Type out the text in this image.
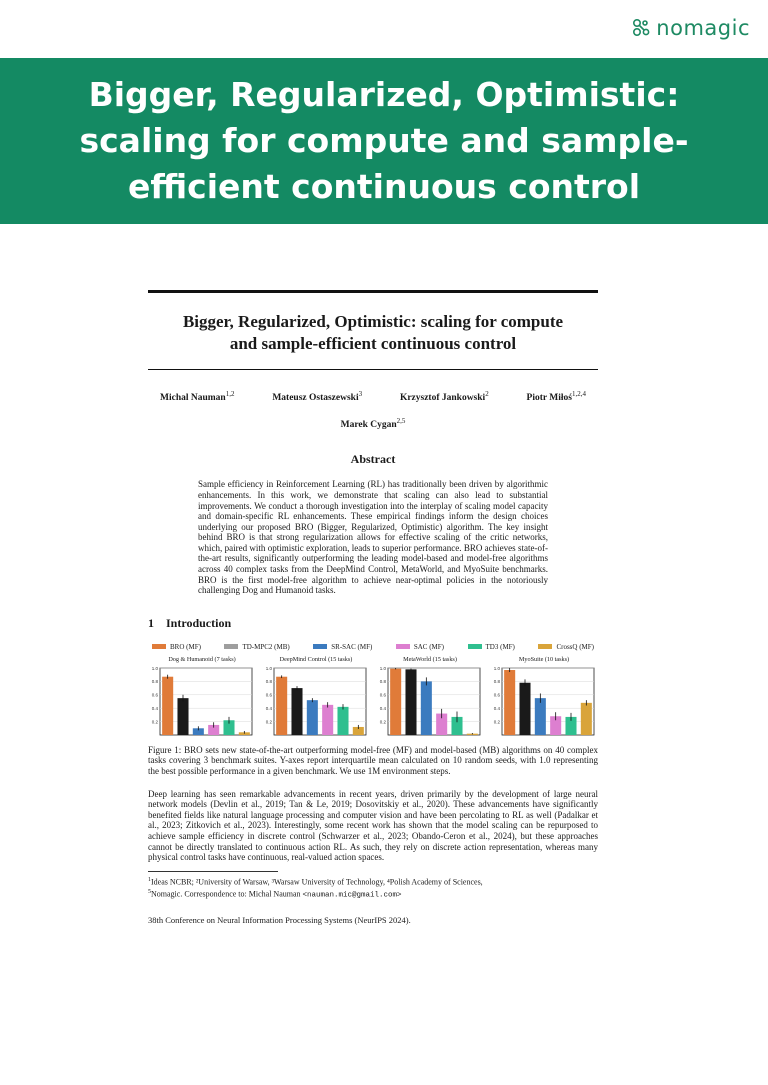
nomagic
Bigger, Regularized, Optimistic: scaling for compute and sample-efficient continuous control
Bigger, Regularized, Optimistic: scaling for compute
and sample-efficient continuous control
Michal Nauman$^{1,2}$	Mateusz Ostaszewski$^3$	Krzysztof Jankowski$^2$	Piotr Miłoś$^{1,2,4}$
Marek Cygan$^{2,5}$
Abstract
Sample efficiency in Reinforcement Learning (RL) has traditionally been driven by algorithmic enhancements. In this work, we demonstrate that scaling can also lead to substantial improvements. We conduct a thorough investigation into the interplay of scaling model capacity and domain-specific RL enhancements. These empirical findings inform the design choices underlying our proposed BRO (Bigger, Regularized, Optimistic) algorithm. The key insight behind BRO is that strong regularization allows for effective scaling of the critic networks, which, paired with optimistic exploration, leads to superior performance. BRO achieves state-of-the-art results, significantly outperforming the leading model-based and model-free algorithms across 40 complex tasks from the DeepMind Control, MetaWorld, and MyoSuite benchmarks. BRO is the first model-free algorithm to achieve near-optimal policies in the notoriously challenging Dog and Humanoid tasks.
1 Introduction
BRO (MF)	TD-MPC2 (MB)	SR-SAC (MF)	SAC (MF)	TD3 (MF)	CrossQ (MF)
Dog & Humanoid (7 tasks)
1.0
0.8
0.6
0.4
0.2
DeepMind Control (15 tasks)
1.0
0.8
0.6
0.4
0.2
MetaWorld (15 tasks)
1.0
0.8
0.6
0.4
0.2
MyoSuite (10 tasks)
1.0
0.8
0.6
0.4
0.2
Figure 1: BRO sets new state-of-the-art outperforming model-free (MF) and model-based (MB) algorithms on 40 complex tasks covering 3 benchmark suites. Y-axes report interquartile mean calculated on 10 random seeds, with 1.0 representing the best possible performance in a given benchmark. We use 1M environment steps.
Deep learning has seen remarkable advancements in recent years, driven primarily by the development of large neural network models (Devlin et al., 2019; Tan & Le, 2019; Dosovitskiy et al., 2020). These advancements have significantly benefited fields like natural language processing and computer vision and have been percolating to RL as well (Padalkar et al., 2023; Zitkovich et al., 2023). Interestingly, some recent work has shown that the model scaling can be repurposed to achieve sample efficiency in discrete control (Schwarzer et al., 2023; Obando-Ceron et al., 2024), but these approaches cannot be directly translated to continuous action RL. As such, they rely on discrete action representation, whereas many physical control tasks have continuous, real-valued action spaces.
$^1$Ideas NCBR; ²University of Warsaw, ³Warsaw University of Technology, ⁴Polish Academy of Sciences,
$^5$Nomagic. Correspondence to: Michal Nauman <nauman.mic@gmail.com>
38th Conference on Neural Information Processing Systems (NeurIPS 2024).
